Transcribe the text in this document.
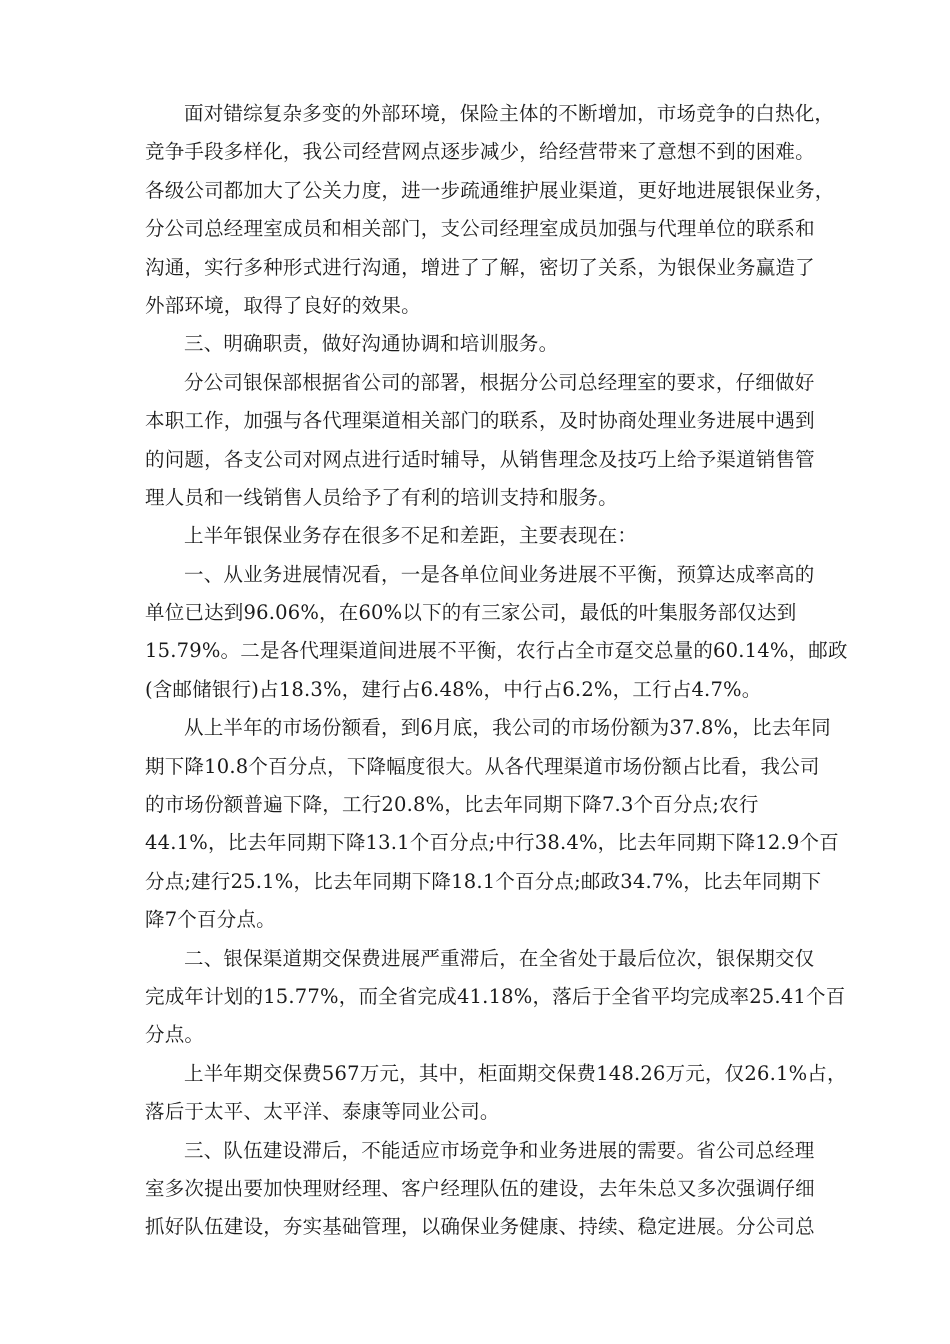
面对错综复杂多变的外部环境，保险主体的不断增加，市场竞争的白热化，
竞争手段多样化，我公司经营网点逐步减少，给经营带来了意想不到的困难。
各级公司都加大了公关力度，进一步疏通维护展业渠道，更好地进展银保业务，
分公司总经理室成员和相关部门，支公司经理室成员加强与代理单位的联系和
沟通，实行多种形式进行沟通，增进了了解，密切了关系，为银保业务赢造了
外部环境，取得了良好的效果。
三、明确职责，做好沟通协调和培训服务。
分公司银保部根据省公司的部署，根据分公司总经理室的要求，仔细做好
本职工作，加强与各代理渠道相关部门的联系，及时协商处理业务进展中遇到
的问题，各支公司对网点进行适时辅导，从销售理念及技巧上给予渠道销售管
理人员和一线销售人员给予了有利的培训支持和服务。
上半年银保业务存在很多不足和差距，主要表现在：
一、从业务进展情况看，一是各单位间业务进展不平衡，预算达成率高的
单位已达到96.06%，在60%以下的有三家公司，最低的叶集服务部仅达到
15.79%。二是各代理渠道间进展不平衡，农行占全市趸交总量的60.14%，邮政
(含邮储银行)占18.3%，建行占6.48%，中行占6.2%，工行占4.7%。
从上半年的市场份额看，到6月底，我公司的市场份额为37.8%，比去年同
期下降10.8个百分点，下降幅度很大。从各代理渠道市场份额占比看，我公司
的市场份额普遍下降，工行20.8%，比去年同期下降7.3个百分点;农行
44.1%，比去年同期下降13.1个百分点;中行38.4%，比去年同期下降12.9个百
分点;建行25.1%，比去年同期下降18.1个百分点;邮政34.7%，比去年同期下
降7个百分点。
二、银保渠道期交保费进展严重滞后，在全省处于最后位次，银保期交仅
完成年计划的15.77%，而全省完成41.18%，落后于全省平均完成率25.41个百
分点。
上半年期交保费567万元，其中，柜面期交保费148.26万元，仅26.1%占，
落后于太平、太平洋、泰康等同业公司。
三、队伍建设滞后，不能适应市场竞争和业务进展的需要。省公司总经理
室多次提出要加快理财经理、客户经理队伍的建设，去年朱总又多次强调仔细
抓好队伍建设，夯实基础管理，以确保业务健康、持续、稳定进展。分公司总
